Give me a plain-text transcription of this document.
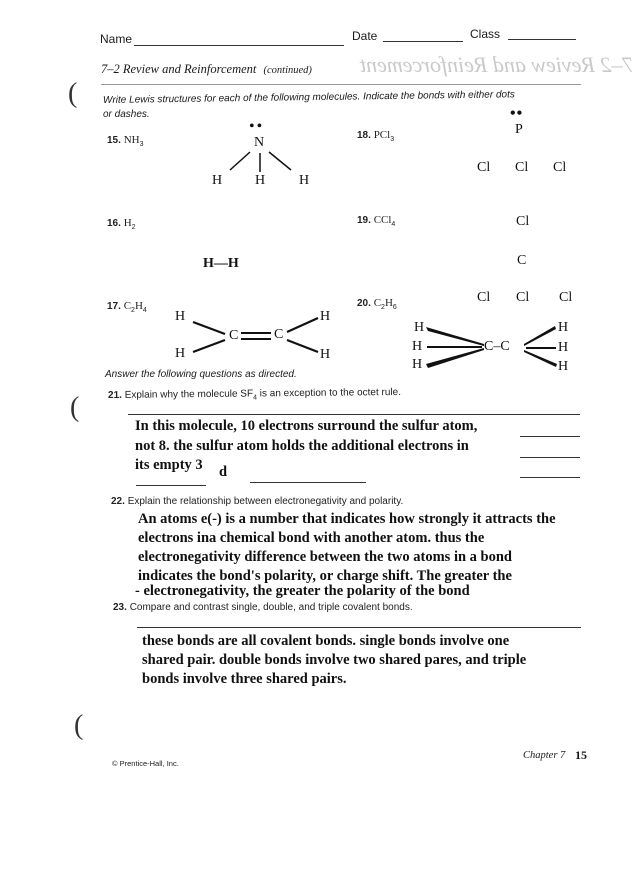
(
(
(
Name	Date	Class
7–2 Review and Reinforcement
7–2 Review and Reinforcement (continued)
Write Lewis structures for each of the following molecules. Indicate the bonds with either dots
or dashes.
15. $NH_3$
16. $H_2$
17. $C_2H_4$
18. PCl$_3$
19. CCl$_4$
20. $C_2H_6$
••
N
H H H
H—H
H
H
C	C
H
H
••
P
Cl Cl Cl
Cl
C
Cl Cl Cl
H
H
H
C–C
H
H
H
Answer the following questions as directed.
21. Explain why the molecule $SF_4$ is an exception to the octet rule.
In this molecule, 10 electrons surround the sulfur atom,
not 8. the sulfur atom holds the additional electrons in
its empty 3 d
22. Explain the relationship between electronegativity and polarity.
An atoms e(-) is a number that indicates how strongly it attracts the
electrons ina chemical bond with another atom. thus the
electronegativity difference between the two atoms in a bond
indicates the bond's polarity, or charge shift. The greater the
- electronegativity, the greater the polarity of the bond
23. Compare and contrast single, double, and triple covalent bonds.
these bonds are all covalent bonds. single bonds involve one
shared pair. double bonds involve two shared pares, and triple
bonds involve three shared pairs.
© Prentice-Hall, Inc.
Chapter 7 15
